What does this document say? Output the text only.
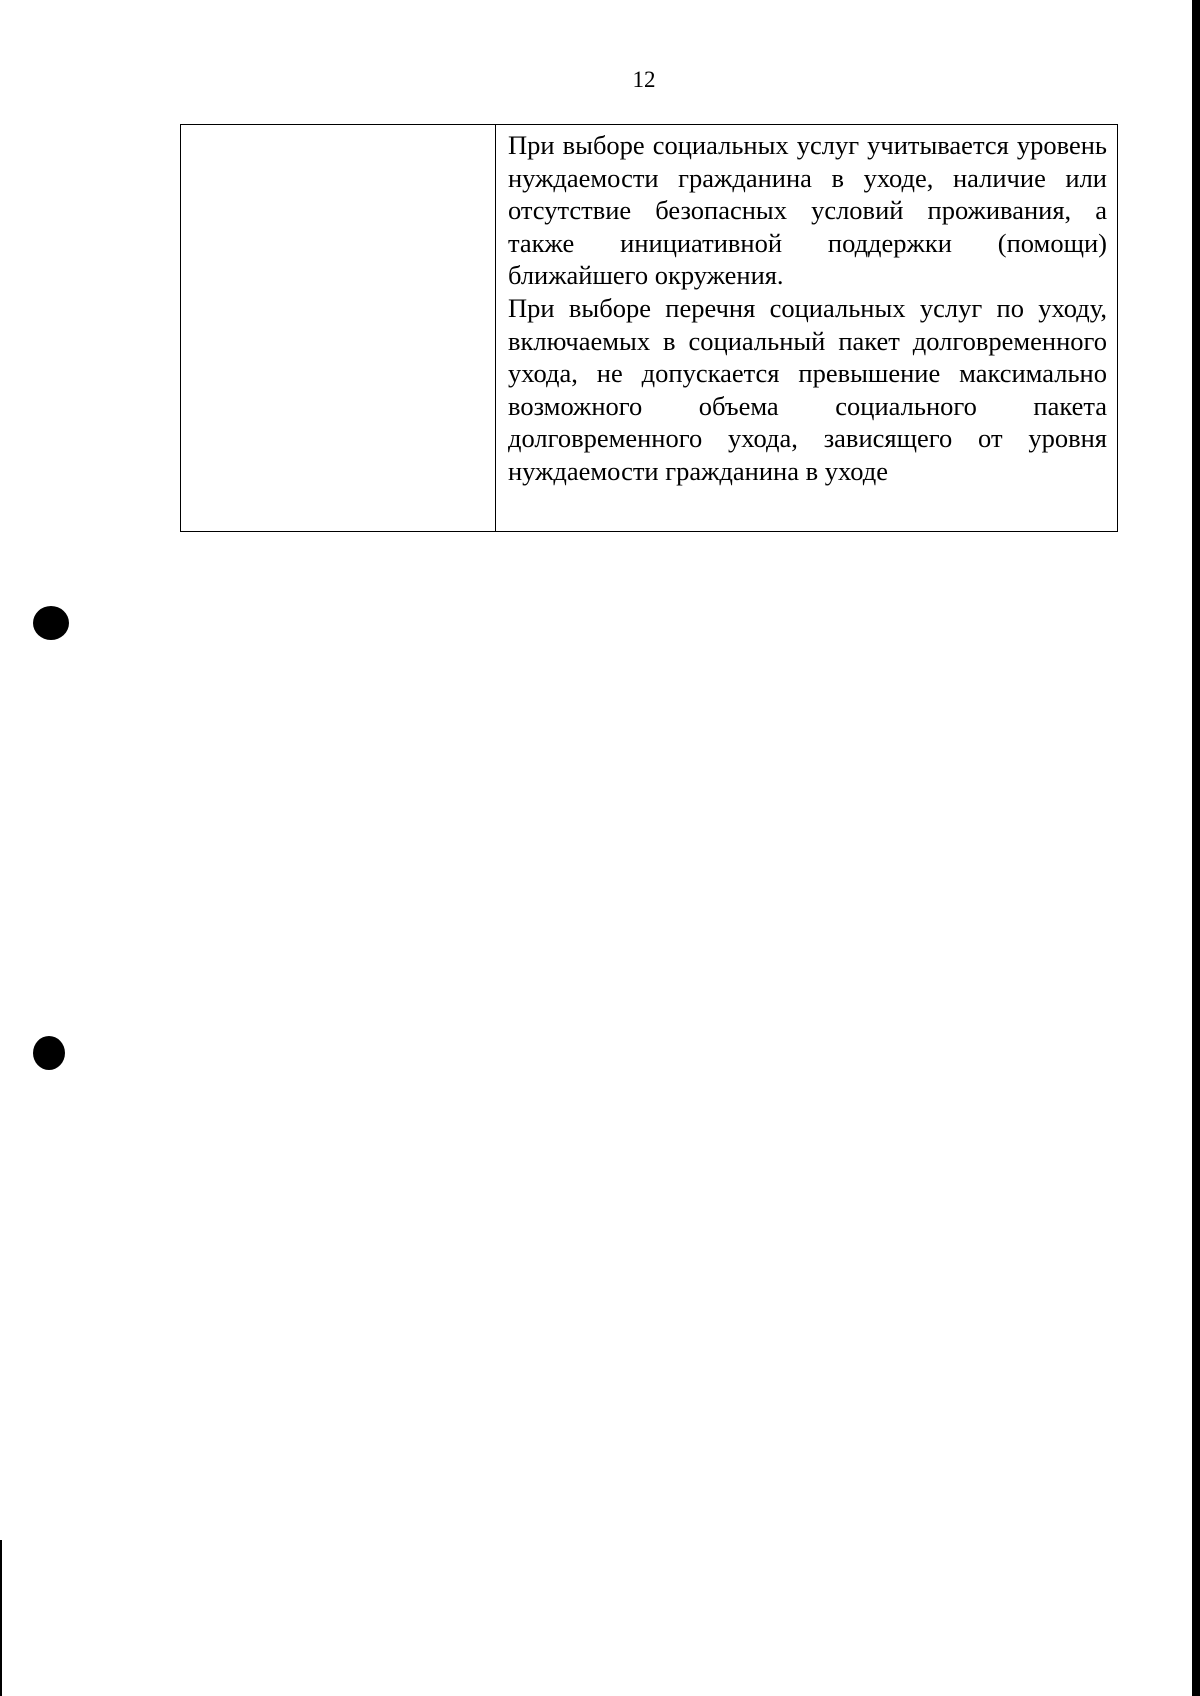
12

При выборе социальных услуг учитывается уровень нуждаемости гражданина в уходе, наличие или отсутствие безопасных условий проживания, а также инициативной поддержки (помощи) ближайшего окружения.

При выборе перечня социальных услуг по уходу, включаемых в социальный пакет долговременного ухода, не допускается превышение максимально возможного объема социального пакета долговременного ухода, зависящего от уровня нуждаемости гражданина в уходе
